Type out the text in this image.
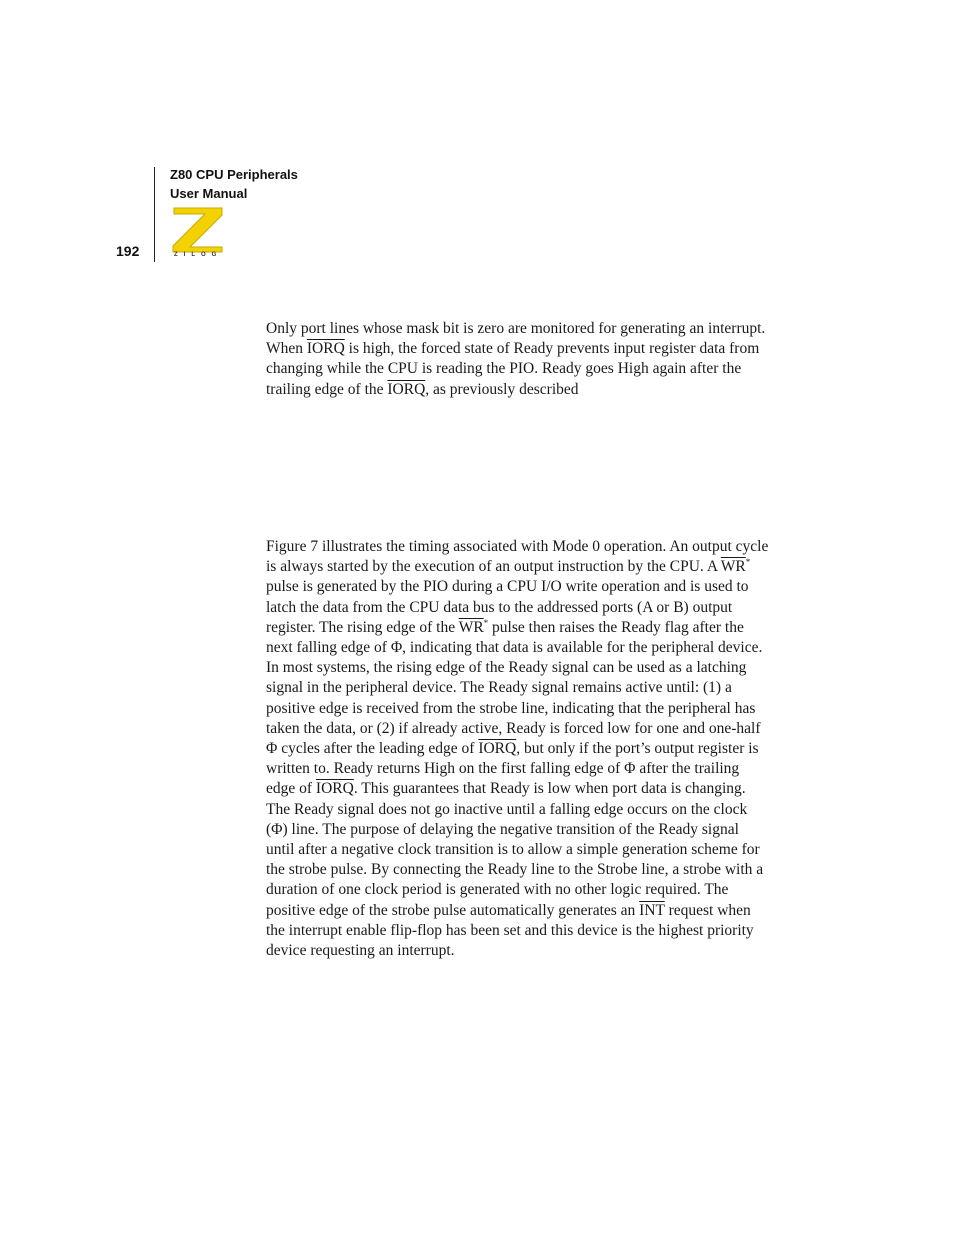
Z80 CPU Peripherals
User Manual
192	ZILOG

Only port lines whose mask bit is zero are monitored for generating an interrupt. When IORQ is high, the forced state of Ready prevents input register data from changing while the CPU is reading the PIO. Ready goes High again after the trailing edge of the IORQ, as previously described

Figure 7 illustrates the timing associated with Mode 0 operation. An output cycle is always started by the execution of an output instruction by the CPU. A $\overline{WR}^*$ pulse is generated by the PIO during a CPU I/O write operation and is used to latch the data from the CPU data bus to the addressed ports (A or B) output register. The rising edge of the $\overline{WR}^*$ pulse then raises the Ready flag after the next falling edge of Φ, indicating that data is available for the peripheral device. In most systems, the rising edge of the Ready signal can be used as a latching signal in the peripheral device. The Ready signal remains active until: (1) a positive edge is received from the strobe line, indicating that the peripheral has taken the data, or (2) if already active, Ready is forced low for one and one-half Φ cycles after the leading edge of IORQ, but only if the port’s output register is written to. Ready returns High on the first falling edge of Φ after the trailing edge of IORQ. This guarantees that Ready is low when port data is changing. The Ready signal does not go inactive until a falling edge occurs on the clock (Φ) line. The purpose of delaying the negative transition of the Ready signal until after a negative clock transition is to allow a simple generation scheme for the strobe pulse. By connecting the Ready line to the Strobe line, a strobe with a duration of one clock period is generated with no other logic required. The positive edge of the strobe pulse automatically generates an $\overline{INT}$ request when the interrupt enable flip-flop has been set and this device is the highest priority device requesting an interrupt.
